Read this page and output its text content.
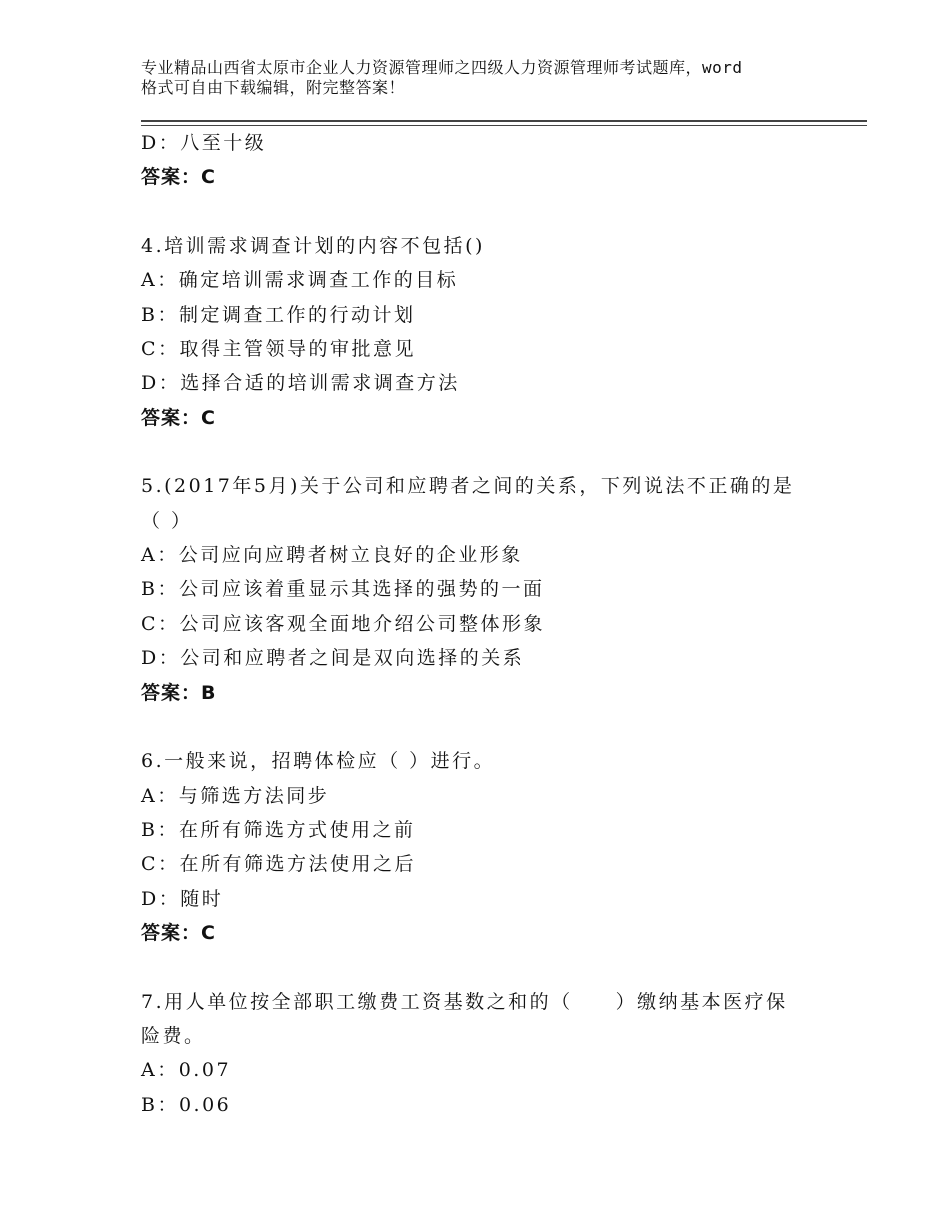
专业精品山西省太原市企业人力资源管理师之四级人力资源管理师考试题库，word
格式可自由下载编辑，附完整答案！
D：八至十级
答案：C
4.培训需求调查计划的内容不包括()
A：确定培训需求调查工作的目标
B：制定调查工作的行动计划
C：取得主管领导的审批意见
D：选择合适的培训需求调查方法
答案：C
5.(2017年5月)关于公司和应聘者之间的关系，下列说法不正确的是
（ ）
A：公司应向应聘者树立良好的企业形象
B：公司应该着重显示其选择的强势的一面
C：公司应该客观全面地介绍公司整体形象
D：公司和应聘者之间是双向选择的关系
答案：B
6.一般来说，招聘体检应（ ）进行。
A：与筛选方法同步
B：在所有筛选方式使用之前
C：在所有筛选方法使用之后
D：随时
答案：C
7.用人单位按全部职工缴费工资基数之和的（　　）缴纳基本医疗保
险费。
A：0.07
B：0.06
